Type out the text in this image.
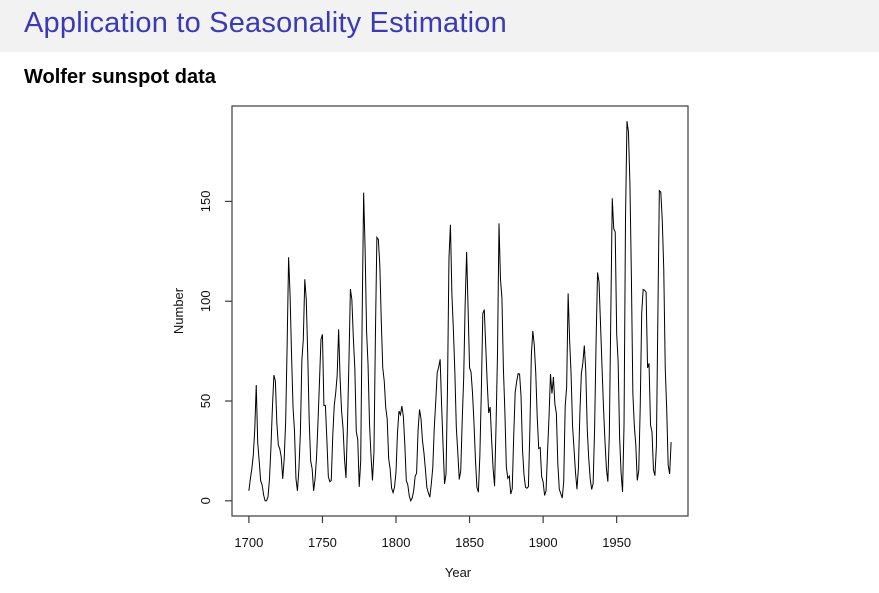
Application to Seasonality Estimation
Wolfer sunspot data
1700	1750	1800	1850	1900	1950
0
50
100
150
Year
Number
